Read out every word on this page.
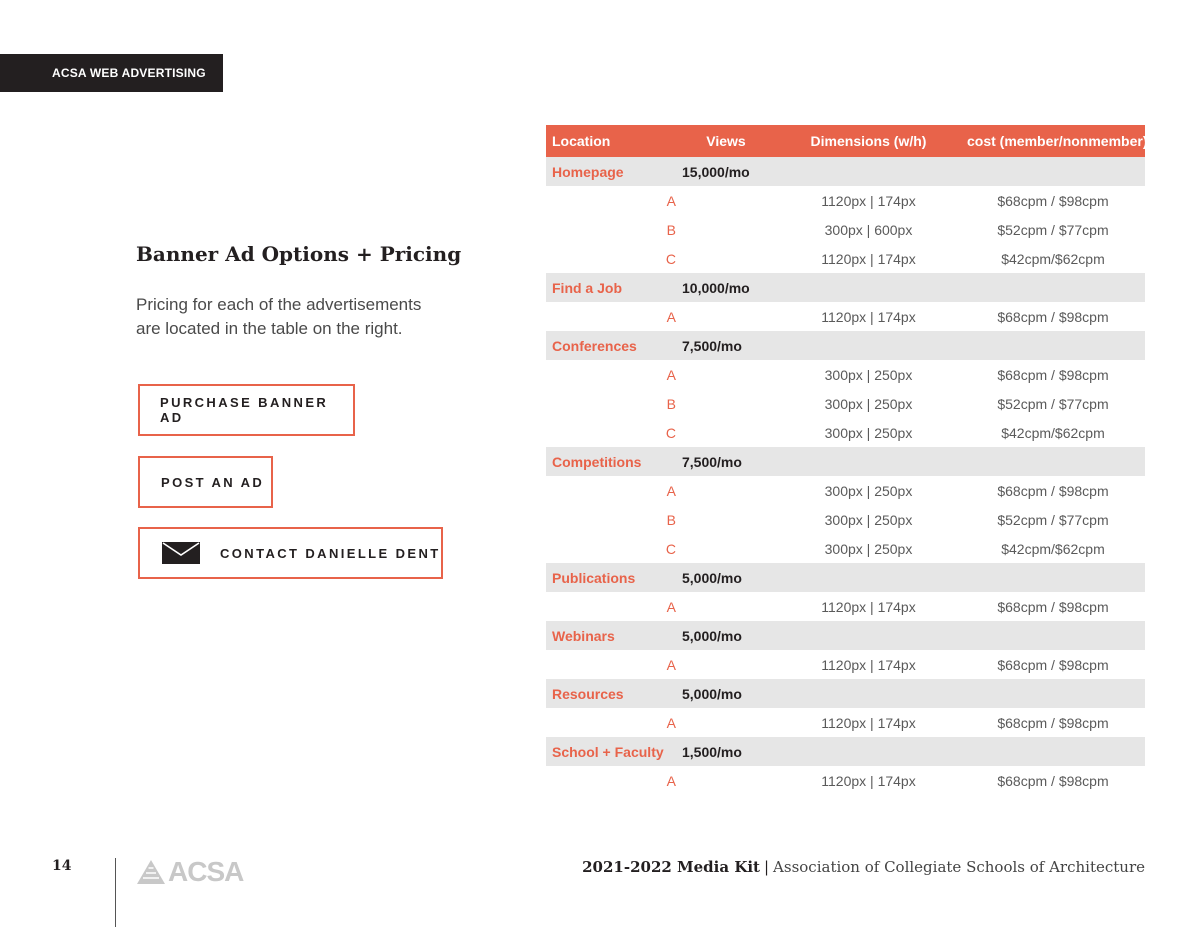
ACSA WEB ADVERTISING
Banner Ad Options + Pricing

Pricing for each of the advertisements are located in the table on the right.

PURCHASE BANNER AD
POST AN AD
CONTACT DANIELLE DENT
Location	Views	Dimensions (w/h)	cost (member/nonmember)
Homepage	15,000/mo		
A		1120px | 174px	$68cpm / $98cpm
B		300px | 600px	$52cpm / $77cpm
C		1120px | 174px	$42cpm/$62cpm
Find a Job	10,000/mo		
A		1120px | 174px	$68cpm / $98cpm
Conferences	7,500/mo		
A		300px | 250px	$68cpm / $98cpm
B		300px | 250px	$52cpm / $77cpm
C		300px | 250px	$42cpm/$62cpm
Competitions	7,500/mo		
A		300px | 250px	$68cpm / $98cpm
B		300px | 250px	$52cpm / $77cpm
C		300px | 250px	$42cpm/$62cpm
Publications	5,000/mo		
A		1120px | 174px	$68cpm / $98cpm
Webinars	5,000/mo		
A		1120px | 174px	$68cpm / $98cpm
Resources	5,000/mo		
A		1120px | 174px	$68cpm / $98cpm
School + Faculty	1,500/mo		
A		1120px | 174px	$68cpm / $98cpm
14	ACSA	2021-2022 Media Kit | Association of Collegiate Schools of Architecture
